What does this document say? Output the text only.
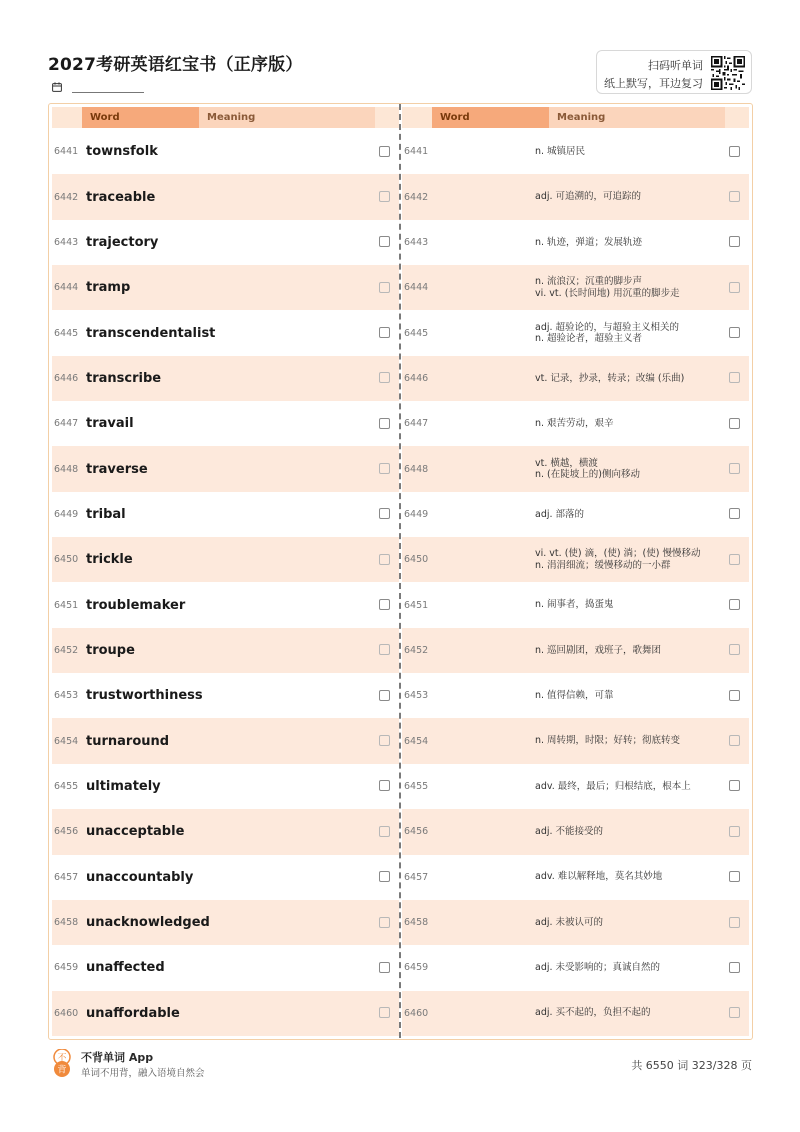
2027考研英语红宝书（正序版）	扫码听单词
纸上默写，耳边复习
Word	Meaning
6441 townsfolk
6442 traceable
6443 trajectory
6444 tramp
6445 transcendentalist
6446 transcribe
6447 travail
6448 traverse
6449 tribal
6450 trickle
6451 troublemaker
6452 troupe
6453 trustworthiness
6454 turnaround
6455 ultimately
6456 unacceptable
6457 unaccountably
6458 unacknowledged
6459 unaffected
6460 unaffordable
Word	Meaning
6441	n. 城镇居民
6442	adj. 可追溯的，可追踪的
6443	n. 轨迹，弹道；发展轨迹
6444
n. 流浪汉；沉重的脚步声
vi. vt. (长时间地) 用沉重的脚步走
6445
adj. 超验论的，与超验主义相关的
n. 超验论者，超验主义者
6446	vt. 记录，抄录，转录；改编 (乐曲)
6447	n. 艰苦劳动，艰辛
6448
vt. 横越，横渡
n. (在陡坡上的)侧向移动
6449	adj. 部落的
6450
vi. vt. (使) 滴，(使) 淌；(使) 慢慢移动
n. 涓涓细流；缓慢移动的一小群
6451	n. 闹事者，捣蛋鬼
6452	n. 巡回剧团，戏班子，歌舞团
6453	n. 值得信赖，可靠
6454	n. 周转期，时限；好转；彻底转变
6455	adv. 最终，最后；归根结底，根本上
6456	adj. 不能接受的
6457	adv. 难以解释地，莫名其妙地
6458	adj. 未被认可的
6459	adj. 未受影响的；真诚自然的
6460	adj. 买不起的，负担不起的
不
背
不背单词 App
单词不用背，融入语境自然会
共 6550 词 323/328 页
